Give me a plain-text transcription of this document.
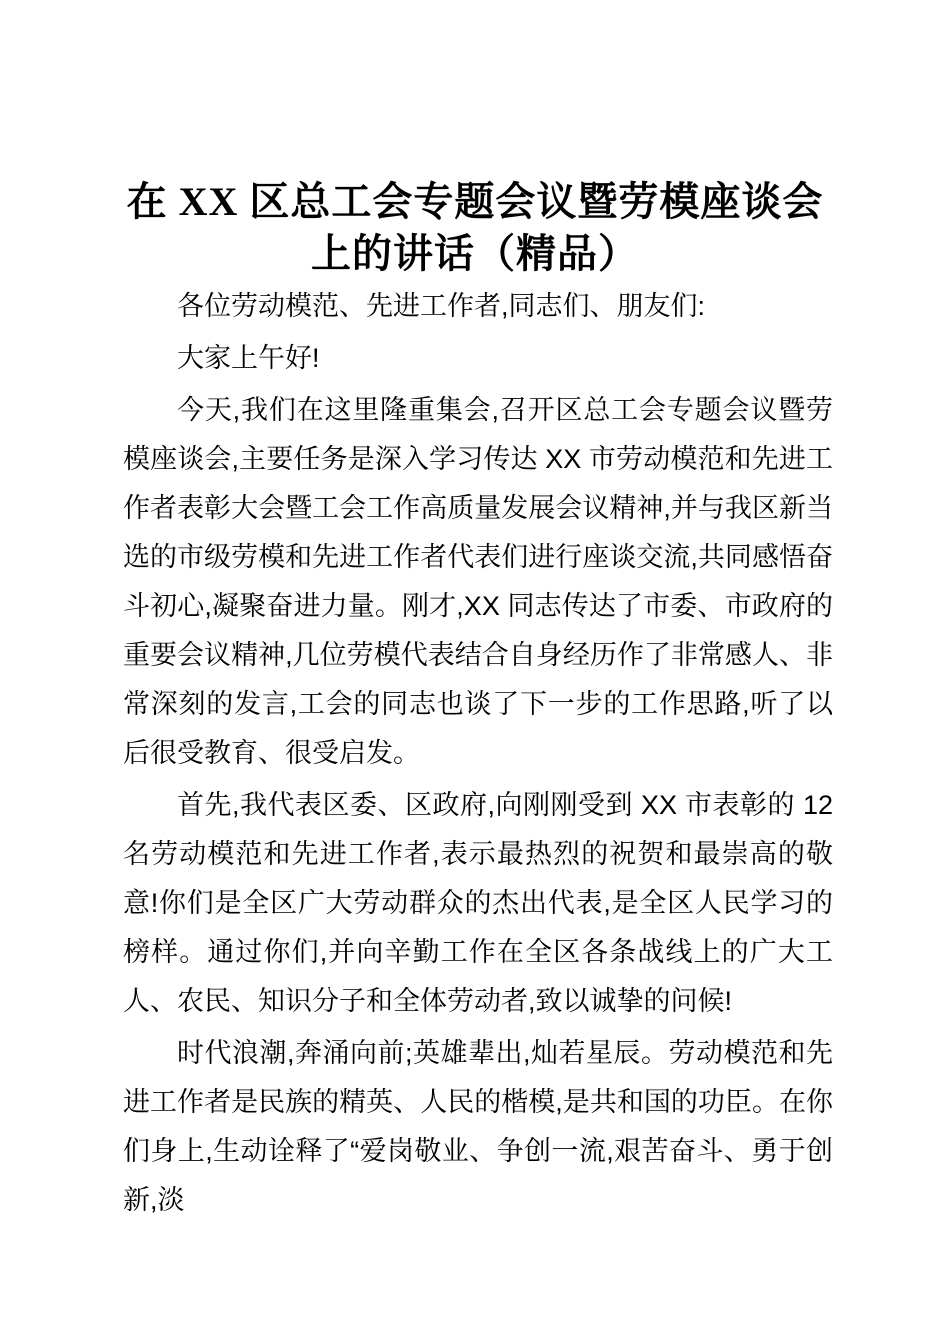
在 XX 区总工会专题会议暨劳模座谈会
上的讲话（精品）

各位劳动模范、先进工作者,同志们、朋友们:

大家上午好!

今天,我们在这里隆重集会,召开区总工会专题会议暨劳模座谈会,主要任务是深入学习传达 XX 市劳动模范和先进工作者表彰大会暨工会工作高质量发展会议精神,并与我区新当选的市级劳模和先进工作者代表们进行座谈交流,共同感悟奋斗初心,凝聚奋进力量。刚才,XX 同志传达了市委、市政府的重要会议精神,几位劳模代表结合自身经历作了非常感人、非常深刻的发言,工会的同志也谈了下一步的工作思路,听了以后很受教育、很受启发。

首先,我代表区委、区政府,向刚刚受到 XX 市表彰的 12 名劳动模范和先进工作者,表示最热烈的祝贺和最崇高的敬意!你们是全区广大劳动群众的杰出代表,是全区人民学习的榜样。通过你们,并向辛勤工作在全区各条战线上的广大工人、农民、知识分子和全体劳动者,致以诚挚的问候!

时代浪潮,奔涌向前;英雄辈出,灿若星辰。劳动模范和先进工作者是民族的精英、人民的楷模,是共和国的功臣。在你们身上,生动诠释了“爱岗敬业、争创一流,艰苦奋斗、勇于创新,淡
